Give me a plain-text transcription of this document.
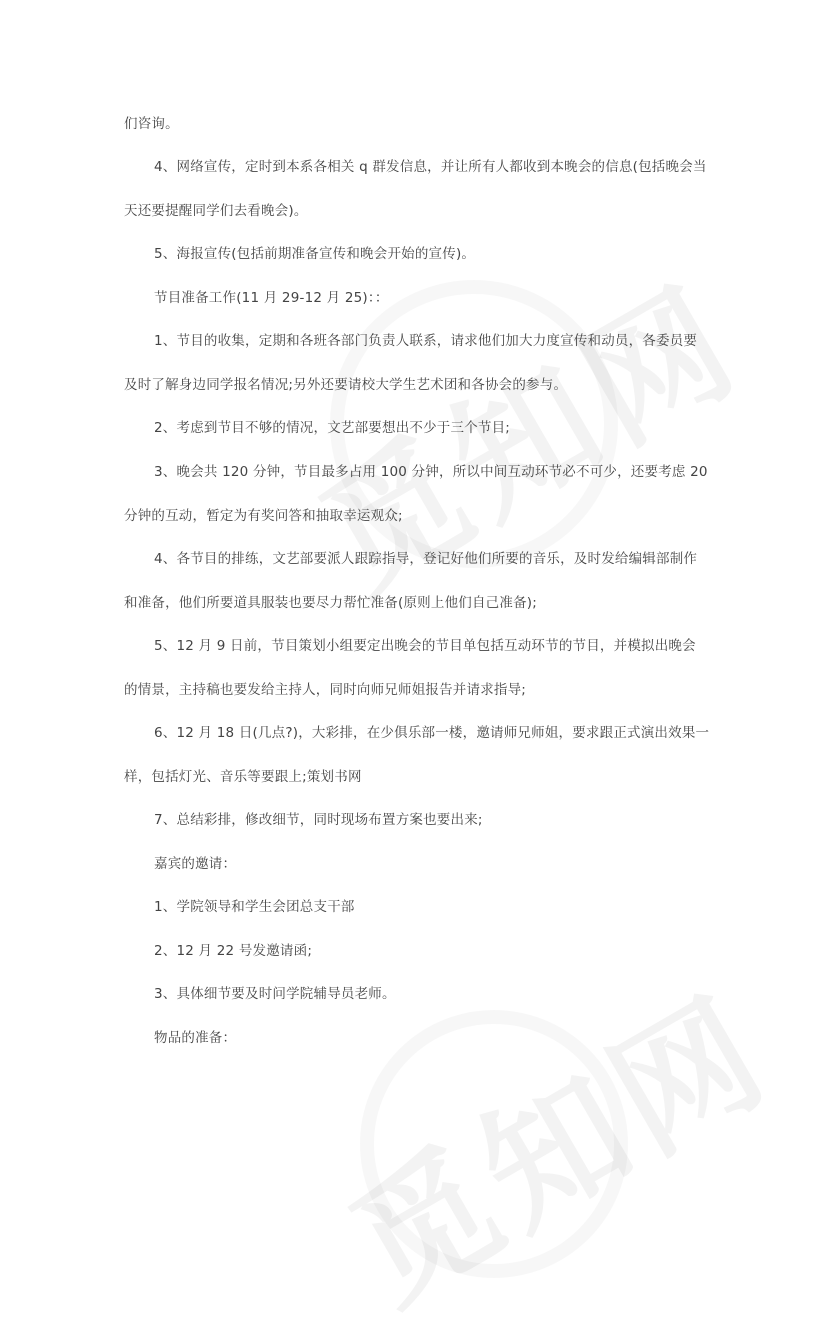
们咨询。
4、网络宣传，定时到本系各相关 q 群发信息，并让所有人都收到本晚会的信息(包括晚会当
天还要提醒同学们去看晚会)。
5、海报宣传(包括前期准备宣传和晚会开始的宣传)。
节目准备工作(11 月 29-12 月 25)：：
1、节目的收集，定期和各班各部门负责人联系，请求他们加大力度宣传和动员，各委员要
及时了解身边同学报名情况;另外还要请校大学生艺术团和各协会的参与。
2、考虑到节目不够的情况，文艺部要想出不少于三个节目;
3、晚会共 120 分钟，节目最多占用 100 分钟，所以中间互动环节必不可少，还要考虑 20
分钟的互动，暂定为有奖问答和抽取幸运观众;
4、各节目的排练，文艺部要派人跟踪指导，登记好他们所要的音乐，及时发给编辑部制作
和准备，他们所要道具服装也要尽力帮忙准备(原则上他们自己准备);
5、12 月 9 日前，节目策划小组要定出晚会的节目单包括互动环节的节目，并模拟出晚会
的情景，主持稿也要发给主持人，同时向师兄师姐报告并请求指导;
6、12 月 18 日(几点?)，大彩排，在少俱乐部一楼，邀请师兄师姐，要求跟正式演出效果一
样，包括灯光、音乐等要跟上;策划书网
7、总结彩排，修改细节，同时现场布置方案也要出来;
嘉宾的邀请：
1、学院领导和学生会团总支干部
2、12 月 22 号发邀请函;
3、具体细节要及时问学院辅导员老师。
物品的准备：
